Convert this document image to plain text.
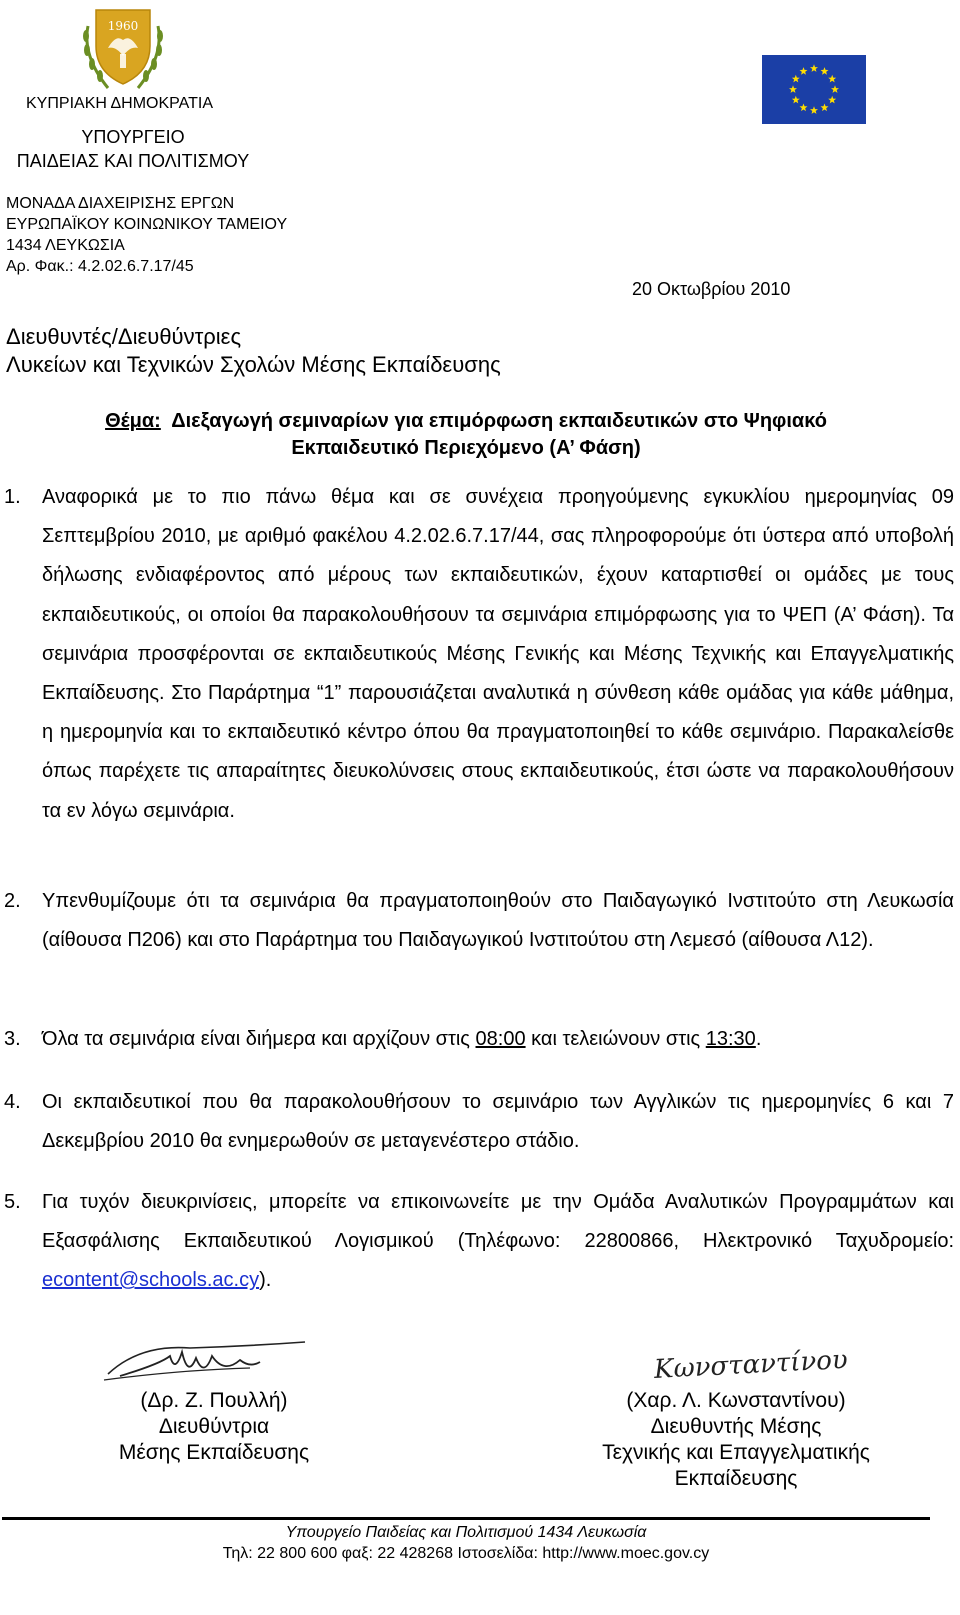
1960
ΚΥΠΡΙΑΚΗ ΔΗΜΟΚΡΑΤΙΑ
ΥΠΟΥΡΓΕΙΟ
ΠΑΙΔΕΙΑΣ ΚΑΙ ΠΟΛΙΤΙΣΜΟΥ
ΜΟΝΑΔΑ ΔΙΑΧΕΙΡΙΣΗΣ ΕΡΓΩΝ
ΕΥΡΩΠΑΪΚΟΥ ΚΟΙΝΩΝΙΚΟΥ ΤΑΜΕΙΟΥ
1434 ΛΕΥΚΩΣΙΑ
Αρ. Φακ.: 4.2.02.6.7.17/45
20 Οκτωβρίου 2010
Διευθυντές/Διευθύντριες
Λυκείων και Τεχνικών Σχολών Μέσης Εκπαίδευσης
Θέμα: Διεξαγωγή σεμιναρίων για επιμόρφωση εκπαιδευτικών στο Ψηφιακό
Εκπαιδευτικό Περιεχόμενο (Α’ Φάση)
1. Αναφορικά με το πιο πάνω θέμα και σε συνέχεια προηγούμενης εγκυκλίου ημερομηνίας 09 Σεπτεμβρίου 2010, με αριθμό φακέλου 4.2.02.6.7.17/44, σας πληροφορούμε ότι ύστερα από υποβολή δήλωσης ενδιαφέροντος από μέρους των εκπαιδευτικών, έχουν καταρτισθεί οι ομάδες με τους εκπαιδευτικούς, οι οποίοι θα παρακολουθήσουν τα σεμινάρια επιμόρφωσης για το ΨΕΠ (Α’ Φάση). Τα σεμινάρια προσφέρονται σε εκπαιδευτικούς Μέσης Γενικής και Μέσης Τεχνικής και Επαγγελματικής Εκπαίδευσης. Στο Παράρτημα “1” παρουσιάζεται αναλυτικά η σύνθεση κάθε ομάδας για κάθε μάθημα, η ημερομηνία και το εκπαιδευτικό κέντρο όπου θα πραγματοποιηθεί το κάθε σεμινάριο. Παρακαλείσθε όπως παρέχετε τις απαραίτητες διευκολύνσεις στους εκπαιδευτικούς, έτσι ώστε να παρακολουθήσουν τα εν λόγω σεμινάρια.
2. Υπενθυμίζουμε ότι τα σεμινάρια θα πραγματοποιηθούν στο Παιδαγωγικό Ινστιτούτο στη Λευκωσία (αίθουσα Π206) και στο Παράρτημα του Παιδαγωγικού Ινστιτούτου στη Λεμεσό (αίθουσα Λ12).
3. Όλα τα σεμινάρια είναι διήμερα και αρχίζουν στις 08:00 και τελειώνουν στις 13:30.
4. Οι εκπαιδευτικοί που θα παρακολουθήσουν το σεμινάριο των Αγγλικών τις ημερομηνίες 6 και 7 Δεκεμβρίου 2010 θα ενημερωθούν σε μεταγενέστερο στάδιο.
5. Για τυχόν διευκρινίσεις, μπορείτε να επικοινωνείτε με την Ομάδα Αναλυτικών Προγραμμάτων και Εξασφάλισης Εκπαιδευτικού Λογισμικού (Τηλέφωνο: 22800866, Ηλεκτρονικό Ταχυδρομείο: econtent@schools.ac.cy).
Κωνσταντίνου
(Δρ. Ζ. Πουλλή)
Διευθύντρια
Μέσης Εκπαίδευσης
(Χαρ. Λ. Κωνσταντίνου)
Διευθυντής Μέσης
Τεχνικής και Επαγγελματικής
Εκπαίδευσης
Υπουργείο Παιδείας και Πολιτισμού 1434 Λευκωσία
Τηλ: 22 800 600 φαξ: 22 428268 Ιστοσελίδα: http://www.moec.gov.cy
